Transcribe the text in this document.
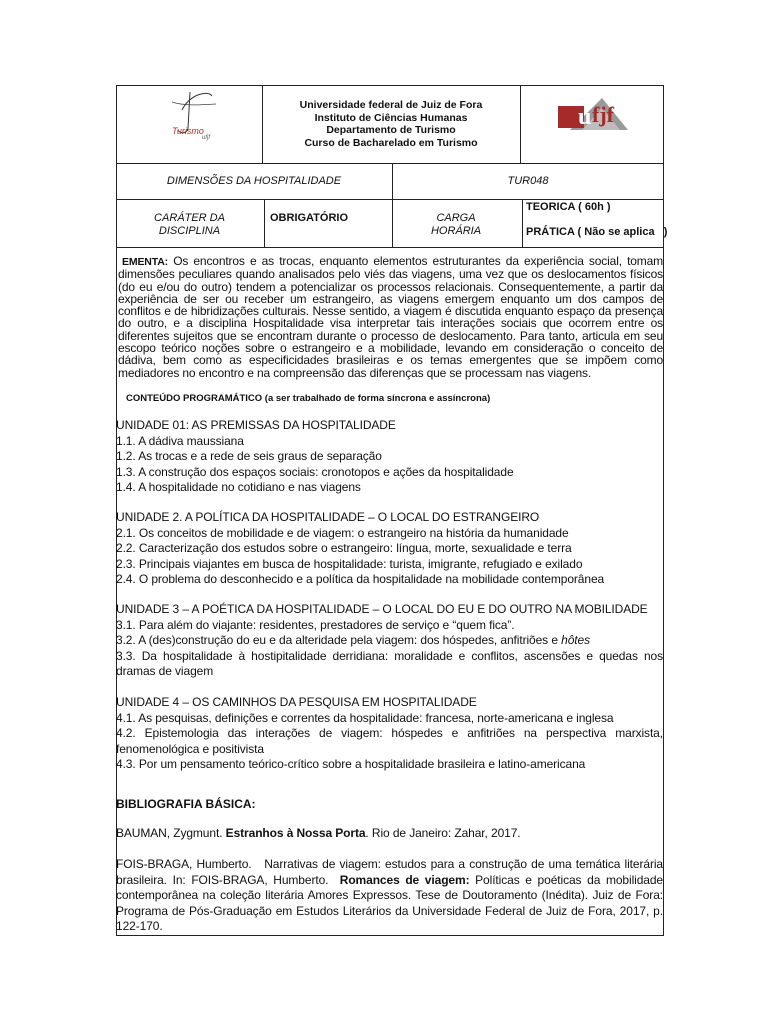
Turismo
ufjf
Universidade federal de Juiz de Fora
Instituto de Ciências Humanas
Departamento de Turismo
Curso de Bacharelado em Turismo
u fjf
DIMENSÕES DA HOSPITALIDADE	TUR048
CARÁTER DA
DISCIPLINA
OBRIGATÓRIO	CARGA
HORÁRIA
TEORICA ( 60h )
PRÁTICA ( Não se aplica   )
EMENTA: Os encontros e as trocas, enquanto elementos estruturantes da experiência social, tomam dimensões peculiares quando analisados pelo viés das viagens, uma vez que os deslocamentos físicos (do eu e/ou do outro) tendem a potencializar os processos relacionais. Consequentemente, a partir da experiência de ser ou receber um estrangeiro, as viagens emergem enquanto um dos campos de conflitos e de hibridizações culturais. Nesse sentido, a viagem é discutida enquanto espaço da presença do outro, e a disciplina Hospitalidade visa interpretar tais interações sociais que ocorrem entre os diferentes sujeitos que se encontram durante o processo de deslocamento. Para tanto, articula em seu escopo teórico noções sobre o estrangeiro e a mobilidade, levando em consideração o conceito de dádiva, bem como as especificidades brasileiras e os temas emergentes que se impõem como mediadores no encontro e na compreensão das diferenças que se processam nas viagens.
CONTEÚDO PROGRAMÁTICO (a ser trabalhado de forma síncrona e assíncrona)
UNIDADE 01: AS PREMISSAS DA HOSPITALIDADE
1.1. A dádiva maussiana
1.2. As trocas e a rede de seis graus de separação
1.3. A construção dos espaços sociais: cronotopos e ações da hospitalidade
1.4. A hospitalidade no cotidiano e nas viagens
UNIDADE 2. A POLÍTICA DA HOSPITALIDADE – O LOCAL DO ESTRANGEIRO
2.1. Os conceitos de mobilidade e de viagem: o estrangeiro na história da humanidade
2.2. Caracterização dos estudos sobre o estrangeiro: língua, morte, sexualidade e terra
2.3. Principais viajantes em busca de hospitalidade: turista, imigrante, refugiado e exilado
2.4. O problema do desconhecido e a política da hospitalidade na mobilidade contemporânea
UNIDADE 3 – A POÉTICA DA HOSPITALIDADE – O LOCAL DO EU E DO OUTRO NA MOBILIDADE
3.1. Para além do viajante: residentes, prestadores de serviço e “quem fica”.
3.2. A (des)construção do eu e da alteridade pela viagem: dos hóspedes, anfitriões e hôtes
3.3. Da hospitalidade à hostipitalidade derridiana: moralidade e conflitos, ascensões e quedas nos dramas de viagem
UNIDADE 4 – OS CAMINHOS DA PESQUISA EM HOSPITALIDADE
4.1. As pesquisas, definições e correntes da hospitalidade: francesa, norte-americana e inglesa
4.2. Epistemologia das interações de viagem: hóspedes e anfitriões na perspectiva marxista, fenomenológica e positivista
4.3. Por um pensamento teórico-crítico sobre a hospitalidade brasileira e latino-americana
BIBLIOGRAFIA BÁSICA:
BAUMAN, Zygmunt. Estranhos à Nossa Porta. Rio de Janeiro: Zahar, 2017.
FOIS-BRAGA, Humberto.   Narrativas de viagem: estudos para a construção de uma temática literária brasileira. In: FOIS-BRAGA, Humberto.  Romances de viagem: Políticas e poéticas da mobilidade contemporânea na coleção literária Amores Expressos. Tese de Doutoramento (Inédita). Juiz de Fora: Programa de Pós-Graduação em Estudos Literários da Universidade Federal de Juiz de Fora, 2017, p. 122-170.
